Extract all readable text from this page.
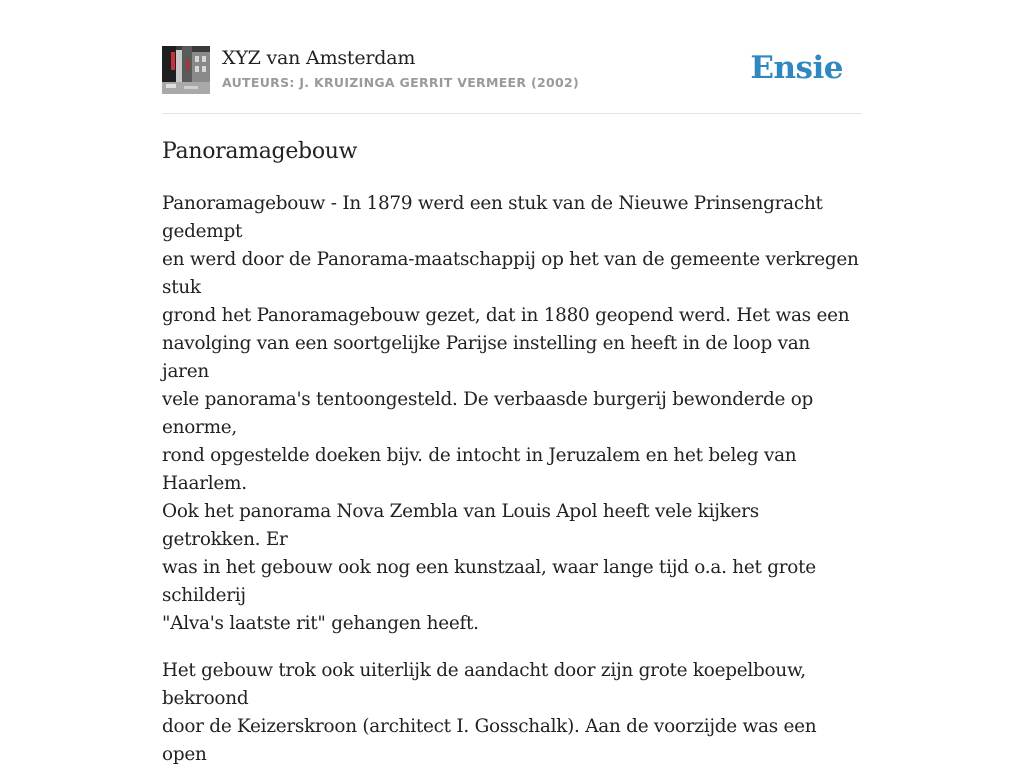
XYZ van Amsterdam
AUTEURS: J. KRUIZINGA GERRIT VERMEER (2002)	Ensie
Panoramagebouw

Panoramagebouw - In 1879 werd een stuk van de Nieuwe Prinsengracht gedempt
en werd door de Panorama-maatschappij op het van de gemeente verkregen stuk
grond het Panoramagebouw gezet, dat in 1880 geopend werd. Het was een
navolging van een soortgelijke Parijse instelling en heeft in de loop van jaren
vele panorama's tentoongesteld. De verbaasde burgerij bewonderde op enorme,
rond opgestelde doeken bijv. de intocht in Jeruzalem en het beleg van Haarlem.
Ook het panorama Nova Zembla van Louis Apol heeft vele kijkers getrokken. Er
was in het gebouw ook nog een kunstzaal, waar lange tijd o.a. het grote schilderij
"Alva's laatste rit" gehangen heeft.

Het gebouw trok ook uiterlijk de aandacht door zijn grote koepelbouw, bekroond
door de Keizerskroon (architect I. Gosschalk). Aan de voorzijde was een open
